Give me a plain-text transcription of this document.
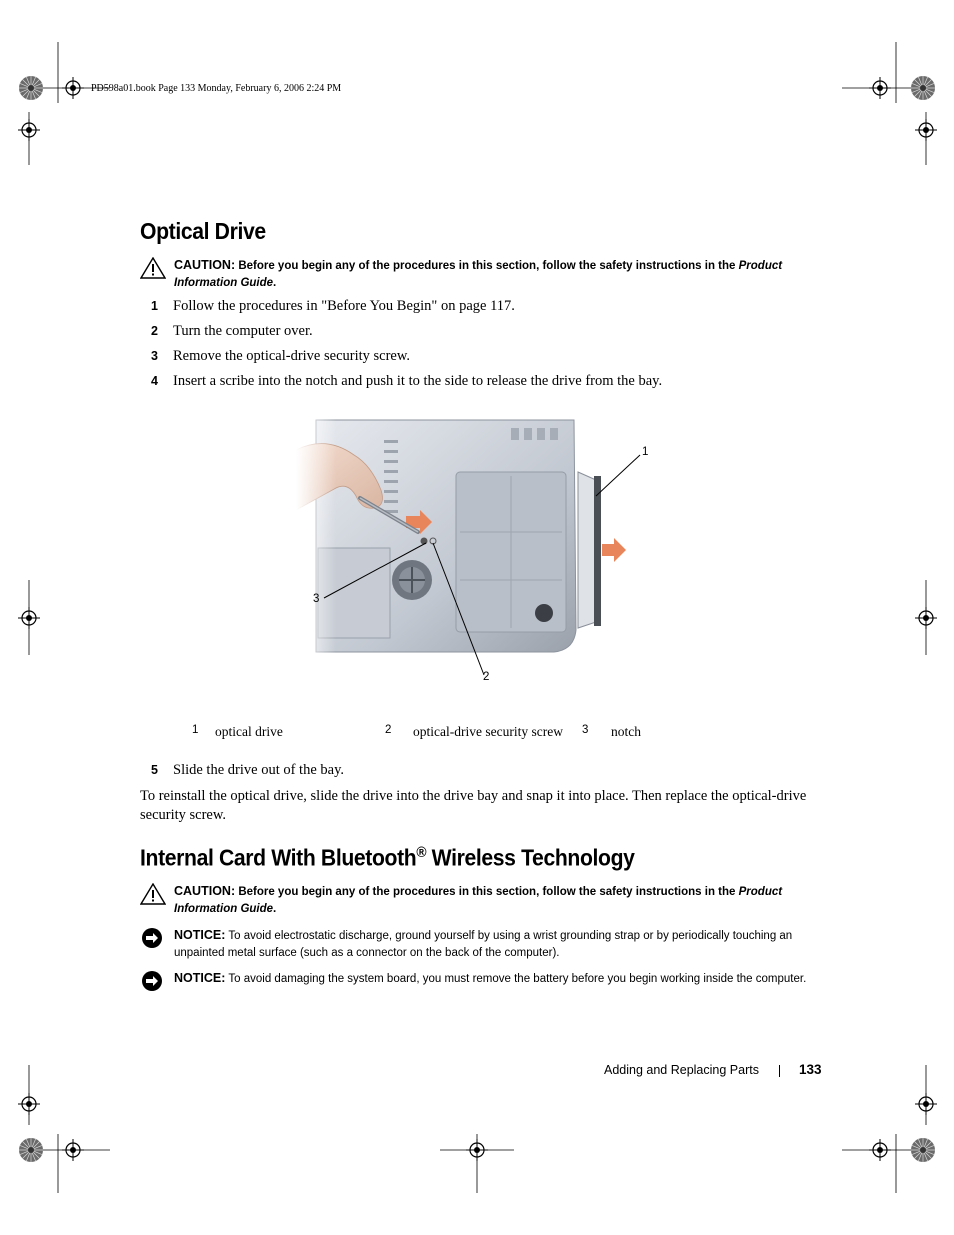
PD598a01.book Page 133 Monday, February 6, 2006 2:24 PM
Optical Drive
CAUTION: Before you begin any of the procedures in this section, follow the safety instructions in the Product Information Guide.
1 Follow the procedures in "Before You Begin" on page 117.
2 Turn the computer over.
3 Remove the optical-drive security screw.
4 Insert a scribe into the notch and push it to the side to release the drive from the bay.
1
2
3
1 optical drive	2 optical-drive security screw 3 notch
5 Slide the drive out of the bay.
To reinstall the optical drive, slide the drive into the drive bay and snap it into place. Then replace the optical-drive security screw.
Internal Card With Bluetooth® Wireless Technology
CAUTION: Before you begin any of the procedures in this section, follow the safety instructions in the Product Information Guide.
NOTICE: To avoid electrostatic discharge, ground yourself by using a wrist grounding strap or by periodically touching an unpainted metal surface (such as a connector on the back of the computer).
NOTICE: To avoid damaging the system board, you must remove the battery before you begin working inside the computer.
Adding and Replacing Parts	133
